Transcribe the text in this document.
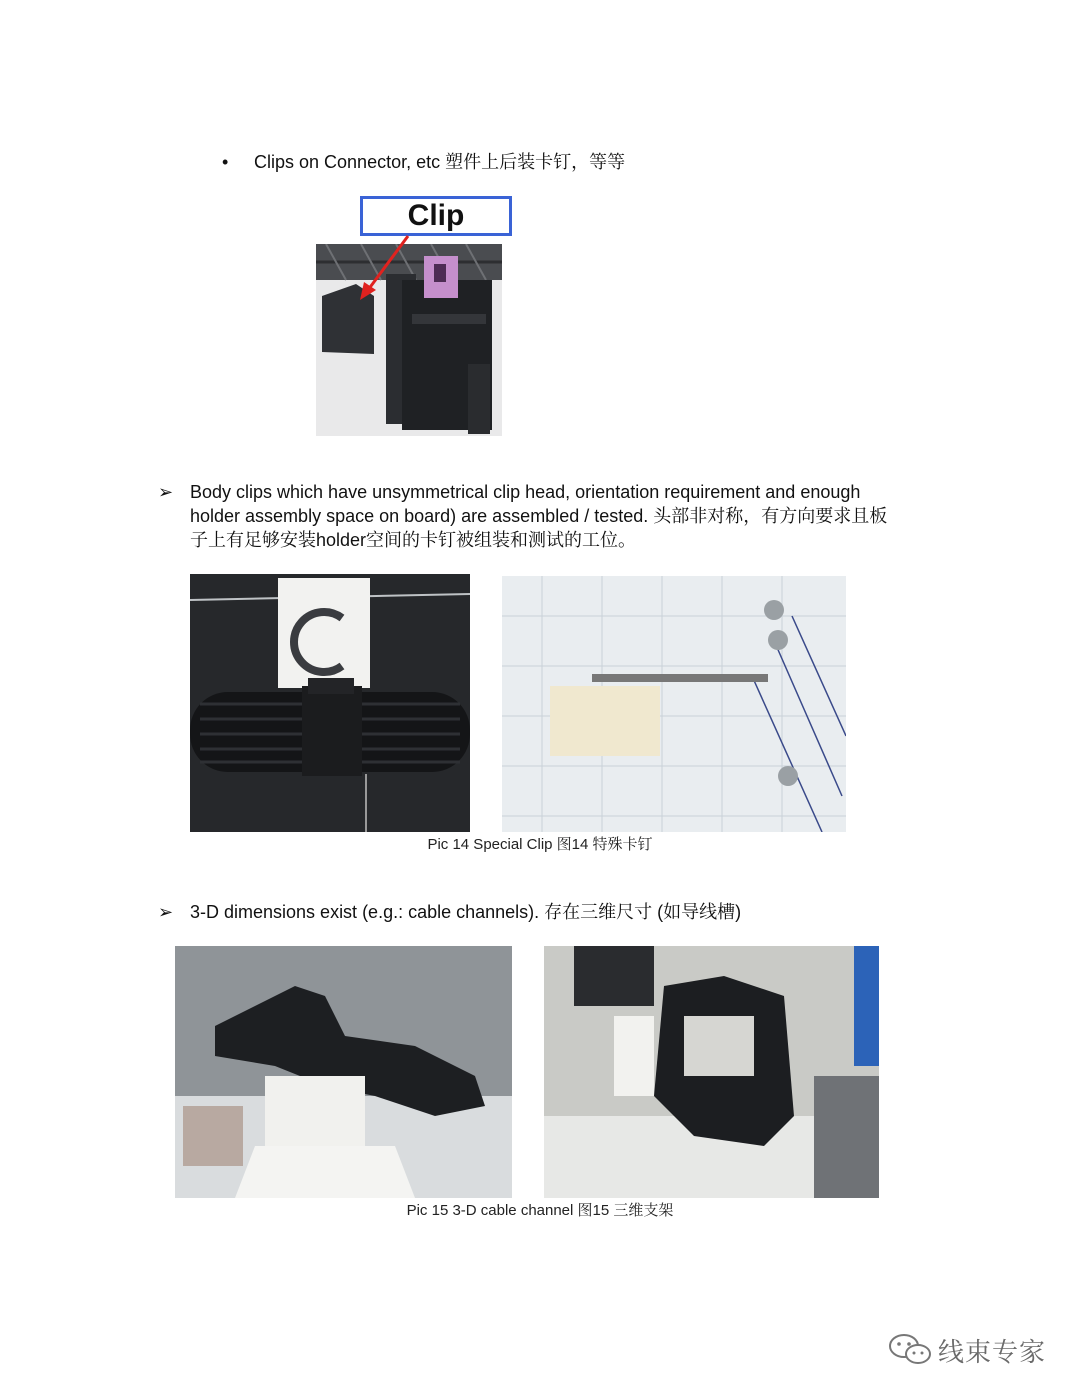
• Clips on Connector, etc 塑件上后装卡钉，等等
Clip
➢ Body clips which have unsymmetrical clip head, orientation requirement and enough
holder assembly space on board) are assembled / tested. 头部非对称，有方向要求且板
子上有足够安装holder空间的卡钉被组装和测试的工位。
Pic 14 Special Clip 图14 特殊卡钉
➢ 3-D dimensions exist (e.g.: cable channels). 存在三维尺寸 (如导线槽)
Pic 15 3-D cable channel 图15 三维支架
线束专家
